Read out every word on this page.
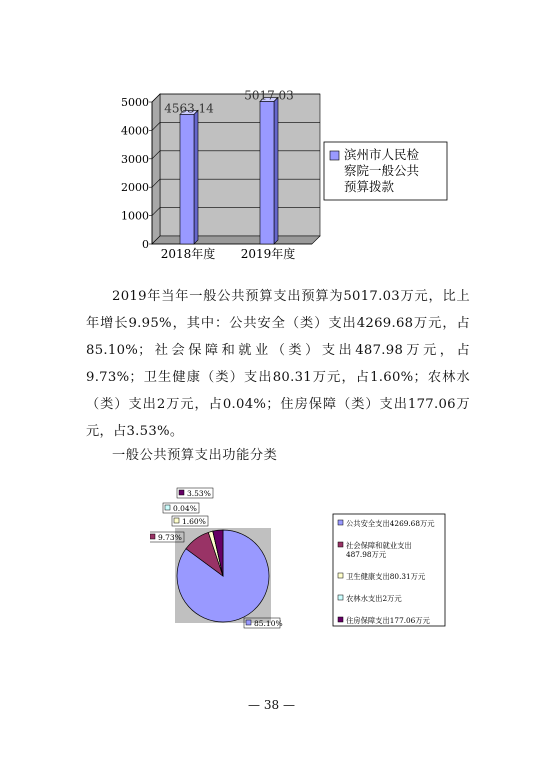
0
1000
2000
3000
4000
5000 4563.14
2018年度
5017.03
2019年度
滨州市人民检
察院一般公共
预算拨款
2019年当年一般公共预算支出预算为5017.03万元，比上年增长9.95%，其中：公共安全（类）支出4269.68万元，占85.10%；社会保障和就业（类）支出487.98万元，占9.73%；卫生健康（类）支出80.31万元，占1.60%；农林水（类）支出2万元，占0.04%；住房保障（类）支出177.06万元，占3.53%。
一般公共预算支出功能分类
85.10%
9.73%
1.60%
0.04%
3.53%
公共安全支出4269.68万元
社会保障和就业支出
487.98万元
卫生健康支出80.31万元
农林水支出2万元
住房保障支出177.06万元
— 38 —
